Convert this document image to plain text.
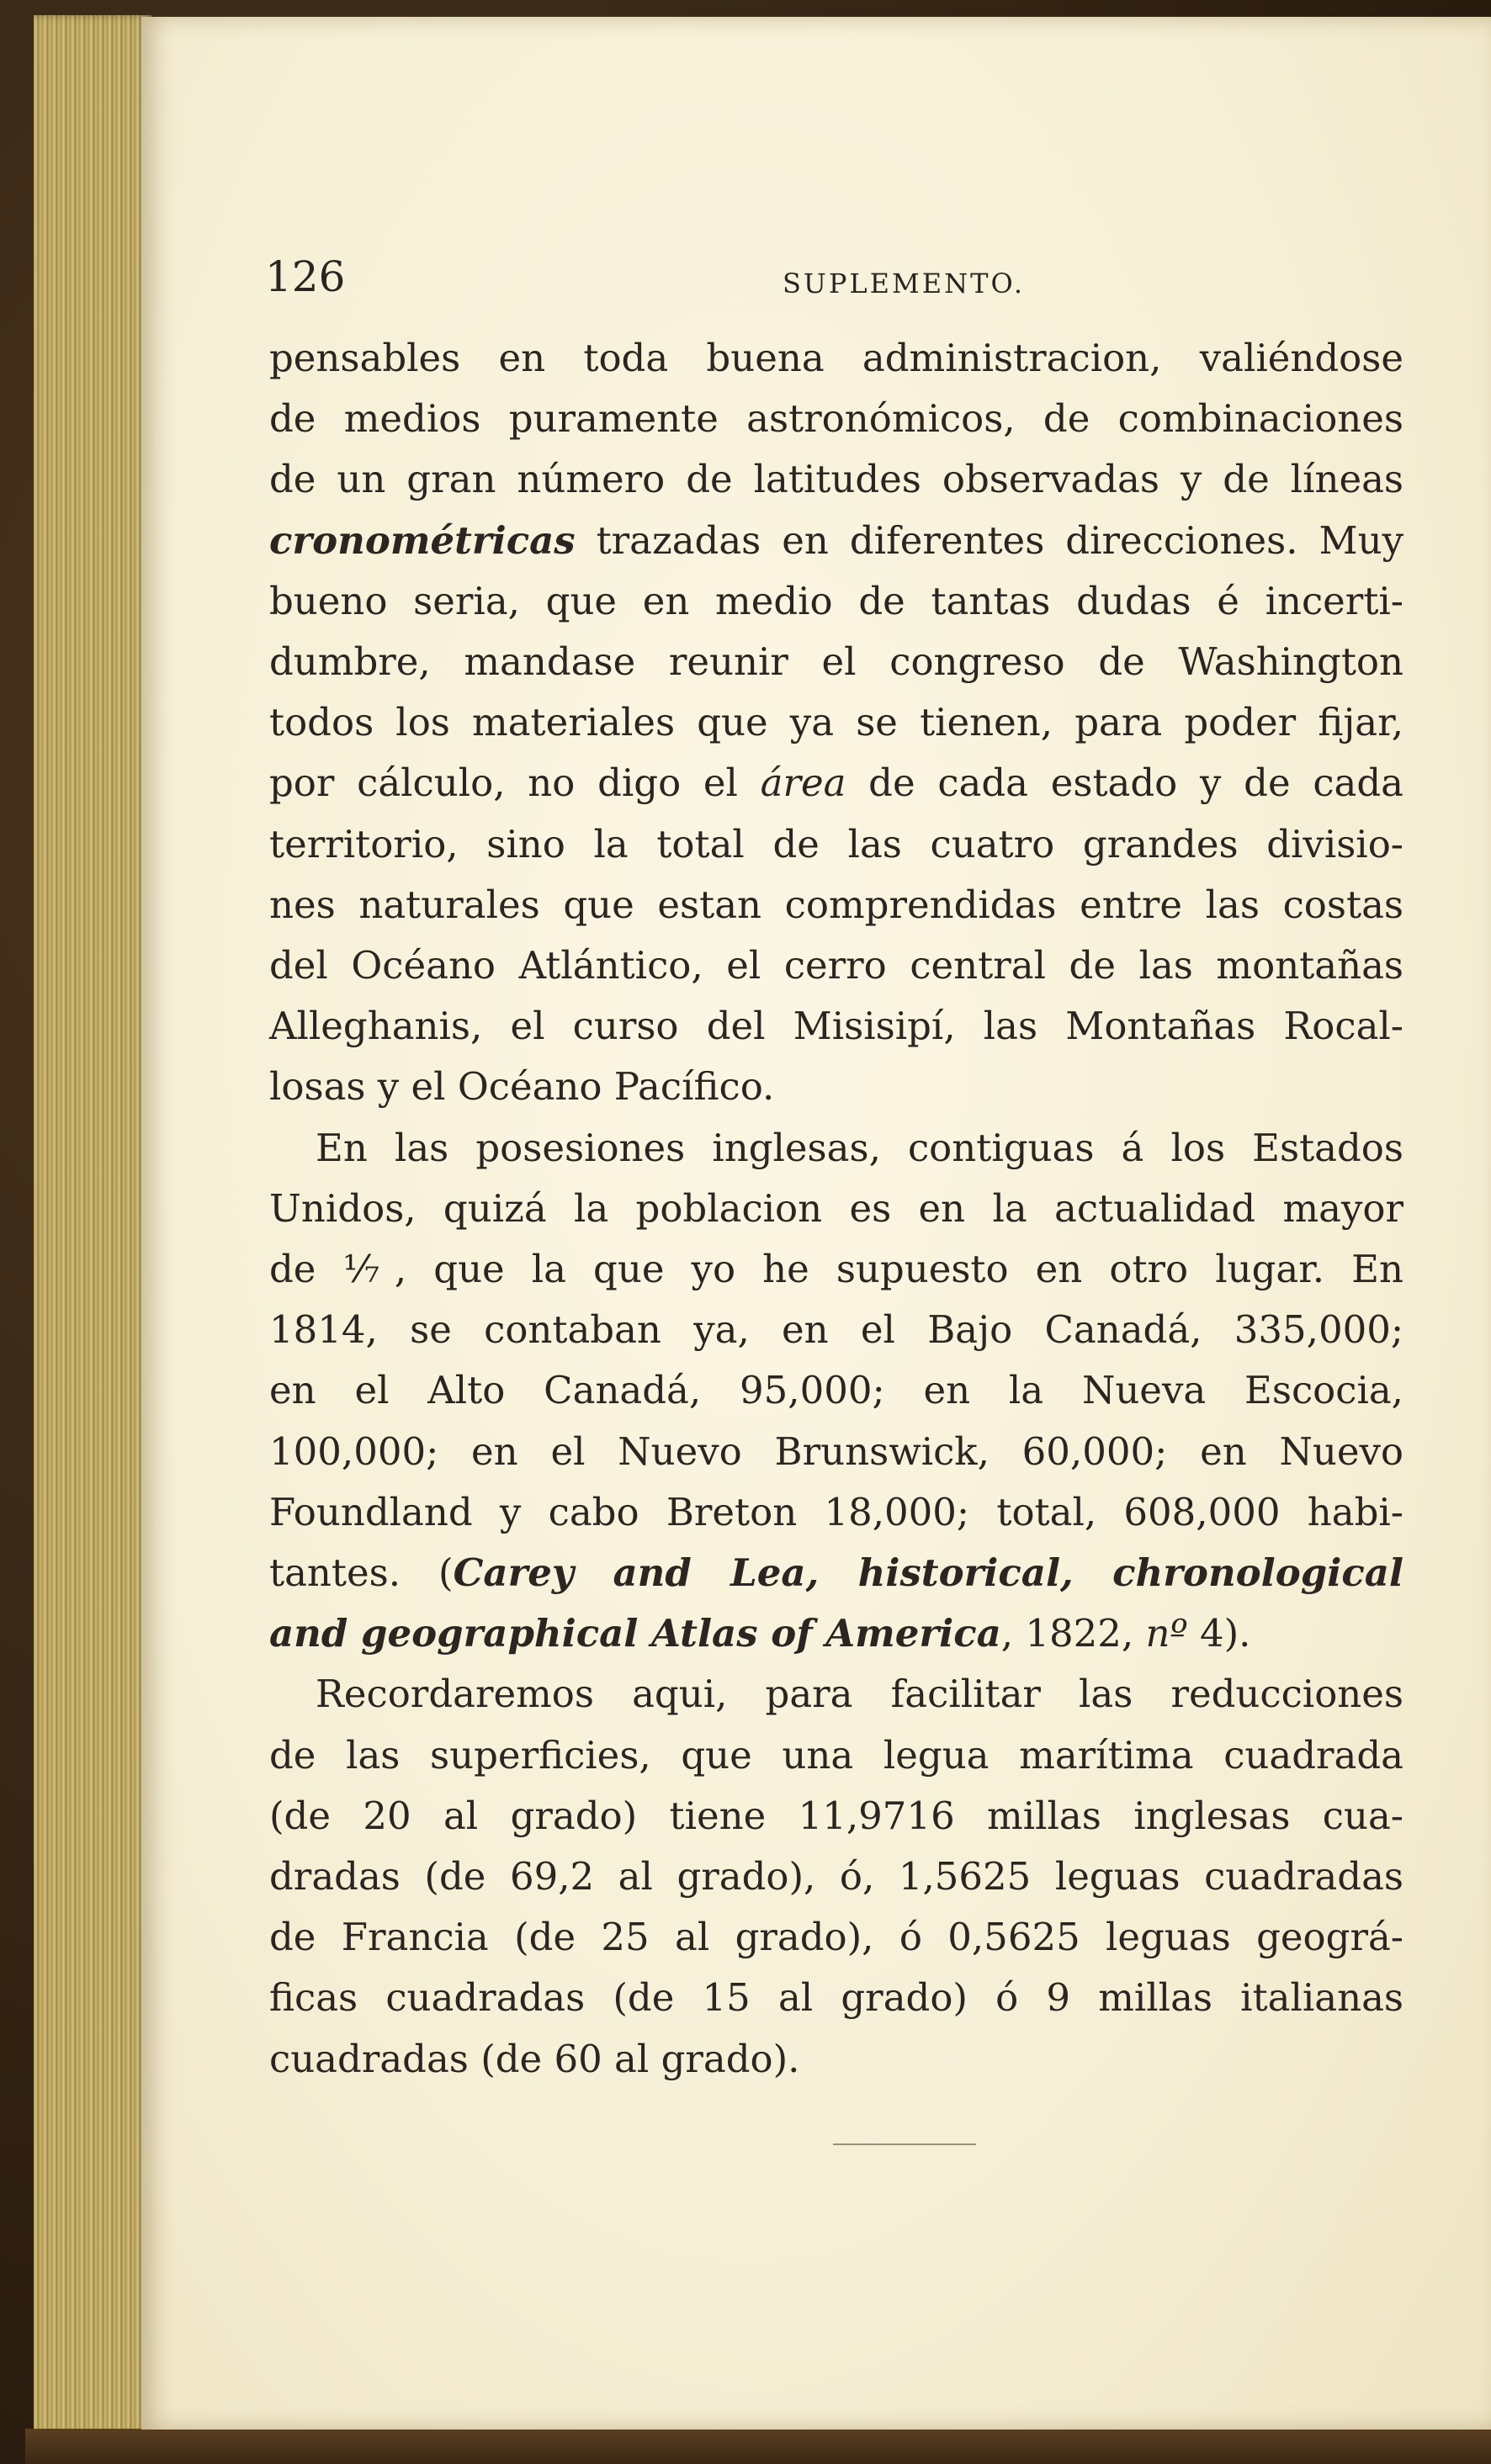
126	SUPLEMENTO.
pensables en toda buena administracion, valiéndose
de medios puramente astronómicos, de combinaciones
de un gran número de latitudes observadas y de líneas
cronométricas trazadas en diferentes direcciones. Muy
bueno seria, que en medio de tantas dudas é incerti-
dumbre, mandase reunir el congreso de Washington
todos los materiales que ya se tienen, para poder fijar,
por cálculo, no digo el área de cada estado y de cada
territorio, sino la total de las cuatro grandes divisio-
nes naturales que estan comprendidas entre las costas
del Océano Atlántico, el cerro central de las montañas
Alleghanis, el curso del Misisipí, las Montañas Rocal-
losas y el Océano Pacífico.
En las posesiones inglesas, contiguas á los Estados
Unidos, quizá la poblacion es en la actualidad mayor
de ⅐, que la que yo he supuesto en otro lugar. En
1814, se contaban ya, en el Bajo Canadá, 335,000;
en el Alto Canadá, 95,000; en la Nueva Escocia,
100,000; en el Nuevo Brunswick, 60,000; en Nuevo
Foundland y cabo Breton 18,000; total, 608,000 habi-
tantes. (Carey and Lea, historical, chronological
and geographical Atlas of America, 1822, nº 4).
Recordaremos aqui, para facilitar las reducciones
de las superficies, que una legua marítima cuadrada
(de 20 al grado) tiene 11,9716 millas inglesas cua-
dradas (de 69,2 al grado), ó, 1,5625 leguas cuadradas
de Francia (de 25 al grado), ó 0,5625 leguas geográ-
ficas cuadradas (de 15 al grado) ó 9 millas italianas
cuadradas (de 60 al grado).
